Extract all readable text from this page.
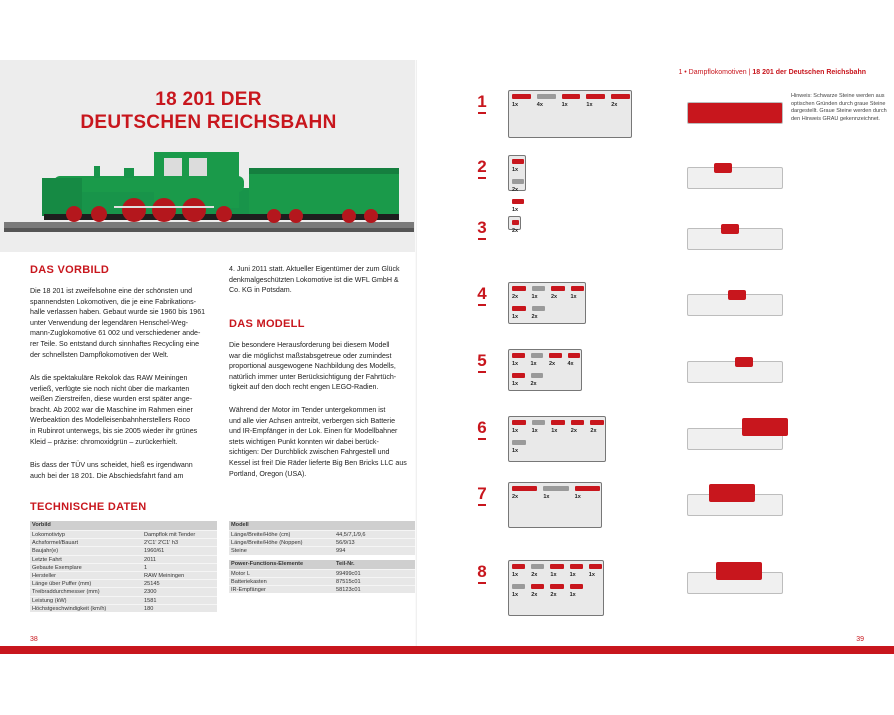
18 201 DER
DEUTSCHEN REICHSBAHN
DAS VORBILD
Die 18 201 ist zweifelsohne eine der schönsten und
spannendsten Lokomotiven, die je eine Fabrikations-
halle verlassen haben. Gebaut wurde sie 1960 bis 1961
unter Verwendung der legendären Henschel-Weg-
mann-Zuglokomotive 61 002 und verschiedener ande-
rer Teile. So entstand durch sinnhaftes Recycling eine
der schnellsten Dampflokomotiven der Welt.
Als die spektakuläre Rekolok das RAW Meiningen
verließ, verfügte sie noch nicht über die markanten
weißen Zierstreifen, diese wurden erst später ange-
bracht. Ab 2002 war die Maschine im Rahmen einer
Werbeaktion des Modelleisenbahnherstellers Roco
in Rubinrot unterwegs, bis sie 2005 wieder ihr grünes
Kleid – präzise: chromoxidgrün – zurückerhielt.
Bis dass der TÜV uns scheidet, hieß es irgendwann
auch bei der 18 201. Die Abschiedsfahrt fand am
4. Juni 2011 statt. Aktueller Eigentümer der zum Glück
denkmalgeschützten Lokomotive ist die WFL GmbH &
Co. KG in Potsdam.
DAS MODELL
Die besondere Herausforderung bei diesem Modell
war die möglichst maßstabsgetreue oder zumindest
proportional ausgewogene Nachbildung des Modells,
natürlich immer unter Berücksichtigung der Fahrtüch-
tigkeit auf den doch recht engen LEGO-Radien.
Während der Motor im Tender untergekommen ist
und alle vier Achsen antreibt, verbergen sich Batterie
und IR-Empfänger in der Lok. Einen für Modellbahner
stets wichtigen Punkt konnten wir dabei berück-
sichtigen: Der Durchblick zwischen Fahrgestell und
Kessel ist frei! Die Räder lieferte Big Ben Bricks LLC aus
Portland, Oregon (USA).
TECHNISCHE DATEN
Vorbild
Lokomotivtyp	Dampflok mit Tender
Achsformel/Bauart	2'C1' 2'C1' h3
Baujahr(e)	1960/61
Letzte Fahrt	2011
Gebaute Exemplare	1
Hersteller	RAW Meiningen
Länge über Puffer (mm)	25145
Treibraddurchmesser (mm)	2300
Leistung (kW)	1581
Höchstgeschwindigkeit (km/h)	180
Modell
Länge/Breite/Höhe (cm)	44,5/7,1/9,6
Länge/Breite/Höhe (Noppen)	56/9/13
Steine	994
Power-Functions-Elemente	Teil-Nr.
Motor L	99499c01
Batteriekasten	87515c01
IR-Empfänger	58123c01
38
1 • Dampflokomotiven | 18 201 der Deutschen Reichsbahn
Hinweis: Schwarze Steine werden aus optischen Gründen durch graue Steine dargestellt. Graue Steine werden durch den Hinweis GRAU gekennzeichnet.
1	1x	4x	1x	1x	2x
2	1x
2x
1x
3	2x
4	2x 1x 2x 1x
1x 2x
5	1x 1x 2x 4x
1x 2x
6	1x 1x 1x 2x 2x
1x
7	2x	1x	1x
8	1x 2x 1x 1x 1x
1x 2x 2x 1x
39
